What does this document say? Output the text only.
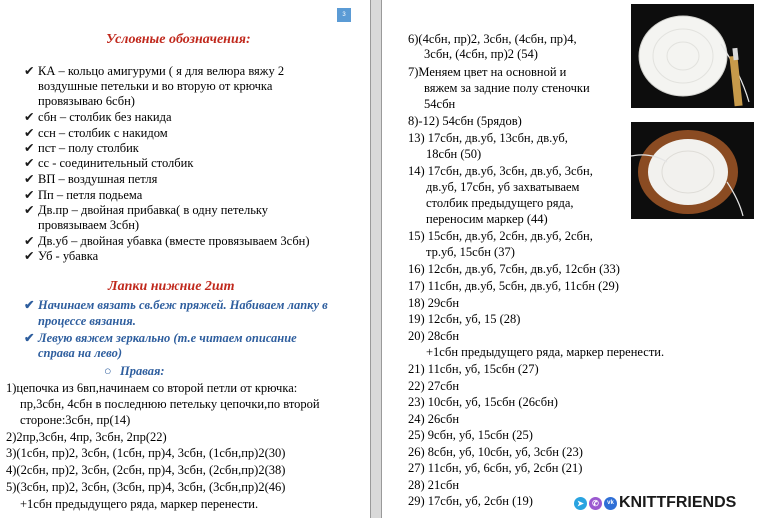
3
Условные обозначения:
✔ КА – кольцо амигуруми ( я для велюра вяжу 2
воздушные петельки и во вторую от крючка
провязываю 6сбн)
✔ сбн – столбик без накида
✔ ссн – столбик с накидом
✔ пст – полу столбик
✔ сс - соединительный столбик
✔ ВП – воздушная петля
✔ Пп – петля подьема
✔ Дв.пр – двойная прибавка( в одну петельку
провязываем 3сбн)
✔ Дв.уб – двойная убавка (вместе провязываем 3сбн)
✔ Уб - убавка
Лапки нижние 2шт
✔ Начинаем вязать св.беж пряжей. Набиваем лапку в
процессе вязания.
✔ Левую вяжем зеркально (т.е читаем описание
справа на лево)
○ Правая:
1)цепочка из 6вп,начинаем со второй петли от крючка:
пр,3сбн, 4сбн в последнюю петельку цепочки,по второй
стороне:3сбн, пр(14)
2)2пр,3сбн, 4пр, 3сбн, 2пр(22)
3)(1сбн, пр)2, 3сбн, (1сбн, пр)4, 3сбн, (1сбн,пр)2(30)
4)(2сбн, пр)2, 3сбн, (2сбн, пр)4, 3сбн, (2сбн,пр)2(38)
5)(3сбн, пр)2, 3сбн, (3сбн, пр)4, 3сбн, (3сбн,пр)2(46)
+1сбн предыдущего ряда, маркер перенести.
6)(4сбн, пр)2, 3сбн, (4сбн, пр)4,
3сбн, (4сбн, пр)2 (54)
7)Меняем цвет на основной и
вяжем за задние полу стеночки
54сбн
8)-12) 54сбн (5рядов)
13) 17сбн, дв.уб, 13сбн, дв.уб,
18сбн (50)
14) 17сбн, дв.уб, 3сбн, дв.уб, 3сбн,
дв.уб, 17сбн, уб захватываем
столбик предыдущего ряда,
переносим маркер (44)
15) 15сбн, дв.уб, 2сбн, дв.уб, 2сбн,
тр.уб, 15сбн (37)
16) 12сбн, дв.уб, 7сбн, дв.уб, 12сбн (33)
17) 11сбн, дв.уб, 5сбн, дв.уб, 11сбн (29)
18) 29сбн
19) 12сбн, уб, 15 (28)
20) 28сбн
+1сбн предыдущего ряда, маркер перенести.
21) 11сбн, уб, 15сбн (27)
22) 27сбн
23) 10сбн, уб, 15сбн (26сбн)
24) 26сбн
25) 9сбн, уб, 15сбн (25)
26) 8сбн, уб, 10сбн, уб, 3сбн (23)
27) 11сбн, уб, 6сбн, уб, 2сбн (21)
28) 21сбн
29) 17сбн, уб, 2сбн (19)	➤	✆	vk KNITTFRIENDS
